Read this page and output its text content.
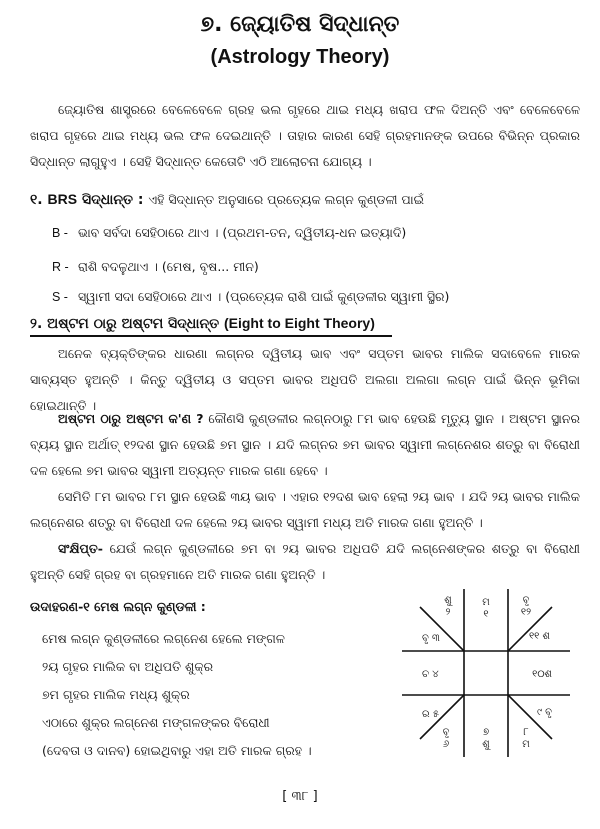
୭. ଜ୍ୟୋତିଷ ସିଦ୍ଧାନ୍ତ
(Astrology Theory)

ଜ୍ୟୋତିଷ ଶାସ୍ତ୍ରରେ ବେଳେବେଳେ ଗ୍ରହ ଭଲ ଗୃହରେ ଥାଇ ମଧ୍ୟ ଖରାପ ଫଳ ଦିଅନ୍ତି ଏବଂ ବେଳେବେଳେ ଖରାପ ଗୃହରେ ଥାଇ ମଧ୍ୟ ଭଲ ଫଳ ଦେଇଥାନ୍ତି । ତାହାର କାରଣ ସେହି ଗ୍ରହମାନଙ୍କ ଉପରେ ବିଭିନ୍ନ ପ୍ରକାର ସିଦ୍ଧାନ୍ତ ଲାଗୁହୁଏ । ସେହି ସିଦ୍ଧାନ୍ତ କେତୋଟି ଏଠି ଆଲୋଚନା ଯୋଗ୍ୟ ।

୧. BRS ସିଦ୍ଧାନ୍ତ : ଏହି ସିଦ୍ଧାନ୍ତ ଅନୁସାରେ ପ୍ରତ୍ୟେକ ଲଗ୍ନ କୁଣ୍ଡଳୀ ପାଇଁ
B - ଭାବ ସର୍ବଦା ସେହିଠାରେ ଥାଏ । (ପ୍ରଥମ-ତନ, ଦ୍ୱିତୀୟ-ଧନ ଇତ୍ୟାଦି)
R - ରାଶି ବଦଳୁଥାଏ । (ମେଷ, ବୃଷ... ମୀନ)
S - ସ୍ୱାମୀ ସଦା ସେହିଠାରେ ଥାଏ । (ପ୍ରତ୍ୟେକ ରାଶି ପାଇଁ କୁଣ୍ଡଳୀର ସ୍ୱାମୀ ସ୍ଥିର)
୨. ଅଷ୍ଟମ ଠାରୁ ଅଷ୍ଟମ ସିଦ୍ଧାନ୍ତ (Eight to Eight Theory)

ଅନେକ ବ୍ୟକ୍ତିଙ୍କର ଧାରଣା ଲଗ୍ନର ଦ୍ୱିତୀୟ ଭାବ ଏବଂ ସପ୍ତମ ଭାବର ମାଲିକ ସଦାବେଳେ ମାରକ ସାବ୍ୟସ୍ତ ହୁଅନ୍ତି । କିନ୍ତୁ ଦ୍ୱିତୀୟ ଓ ସପ୍ତମ ଭାବର ଅଧିପତି ଅଲଗା ଅଲଗା ଲଗ୍ନ ପାଇଁ ଭିନ୍ନ ଭୂମିକା ହୋଇଥାନ୍ତି ।

ଅଷ୍ଟମ ଠାରୁ ଅଷ୍ଟମ କ'ଣ ? କୌଣସି କୁଣ୍ଡଳୀର ଲଗ୍ନଠାରୁ ୮ମ ଭାବ ହେଉଛି ମୃତ୍ୟୁ ସ୍ଥାନ । ଅଷ୍ଟମ ସ୍ଥାନର ବ୍ୟୟ ସ୍ଥାନ ଅର୍ଥାତ୍ ୧୨ଦଶ ସ୍ଥାନ ହେଉଛି ୭ମ ସ୍ଥାନ । ଯଦି ଲଗ୍ନର ୭ମ ଭାବର ସ୍ୱାମୀ ଲଗ୍ନେଶର ଶତ୍ରୁ ବା ବିରୋଧୀ ଦଳ ହେଲେ ୭ମ ଭାବର ସ୍ୱାମୀ ଅତ୍ୟନ୍ତ ମାରକ ଗଣା ହେବେ ।

ସେମିତି ୮ମ ଭାବର ୮ମ ସ୍ଥାନ ହେଉଛି ୩ୟ ଭାବ । ଏହାର ୧୨ଦଶ ଭାବ ହେଲା ୨ୟ ଭାବ । ଯଦି ୨ୟ ଭାବର ମାଲିକ ଲଗ୍ନେଶର ଶତ୍ରୁ ବା ବିରୋଧୀ ଦଳ ହେଲେ ୨ୟ ଭାବର ସ୍ୱାମୀ ମଧ୍ୟ ଅତି ମାରକ ଗଣା ହୁଅନ୍ତି ।

ସଂକ୍ଷିପ୍ତ- ଯେଉଁ ଲଗ୍ନ କୁଣ୍ଡଳୀରେ ୭ମ ବା ୨ୟ ଭାବର ଅଧିପତି ଯଦି ଲଗ୍ନେଶଙ୍କର ଶତ୍ରୁ ବା ବିରୋଧୀ ହୁଅନ୍ତି ସେହି ଗ୍ରହ ବା ଗ୍ରହମାନେ ଅତି ମାରକ ଗଣା ହୁଅନ୍ତି ।

ଉଦାହରଣ-୧ ମେଷ ଲଗ୍ନ କୁଣ୍ଡଳୀ :
ମେଷ ଲଗ୍ନ କୁଣ୍ଡଳୀରେ ଲଗ୍ନେଶ ହେଲେ ମଙ୍ଗଳ
୨ୟ ଗୃହର ମାଲିକ ବା ଅଧିପତି ଶୁକ୍ର
୭ମ ଗୃହର ମାଲିକ ମଧ୍ୟ ଶୁକ୍ର
ଏଠାରେ ଶୁକ୍ର ଲଗ୍ନେଶ ମଙ୍ଗଳଙ୍କର ବିରୋଧୀ
(ଦେବତା ଓ ଦାନବ) ହୋଇଥିବାରୁ ଏହା ଅତି ମାରକ ଗ୍ରହ ।
ମ ୧
ଶୁ ୨
ବୃ ୧୨
ବୃ ୩	୧୧ ଶ
ଚ ୪	୧୦ଶ
ର ୫	୯ ବୃ
ବୃ ୬
୭ ଶୁ
୮ ମ
[ ୩୮ ]
